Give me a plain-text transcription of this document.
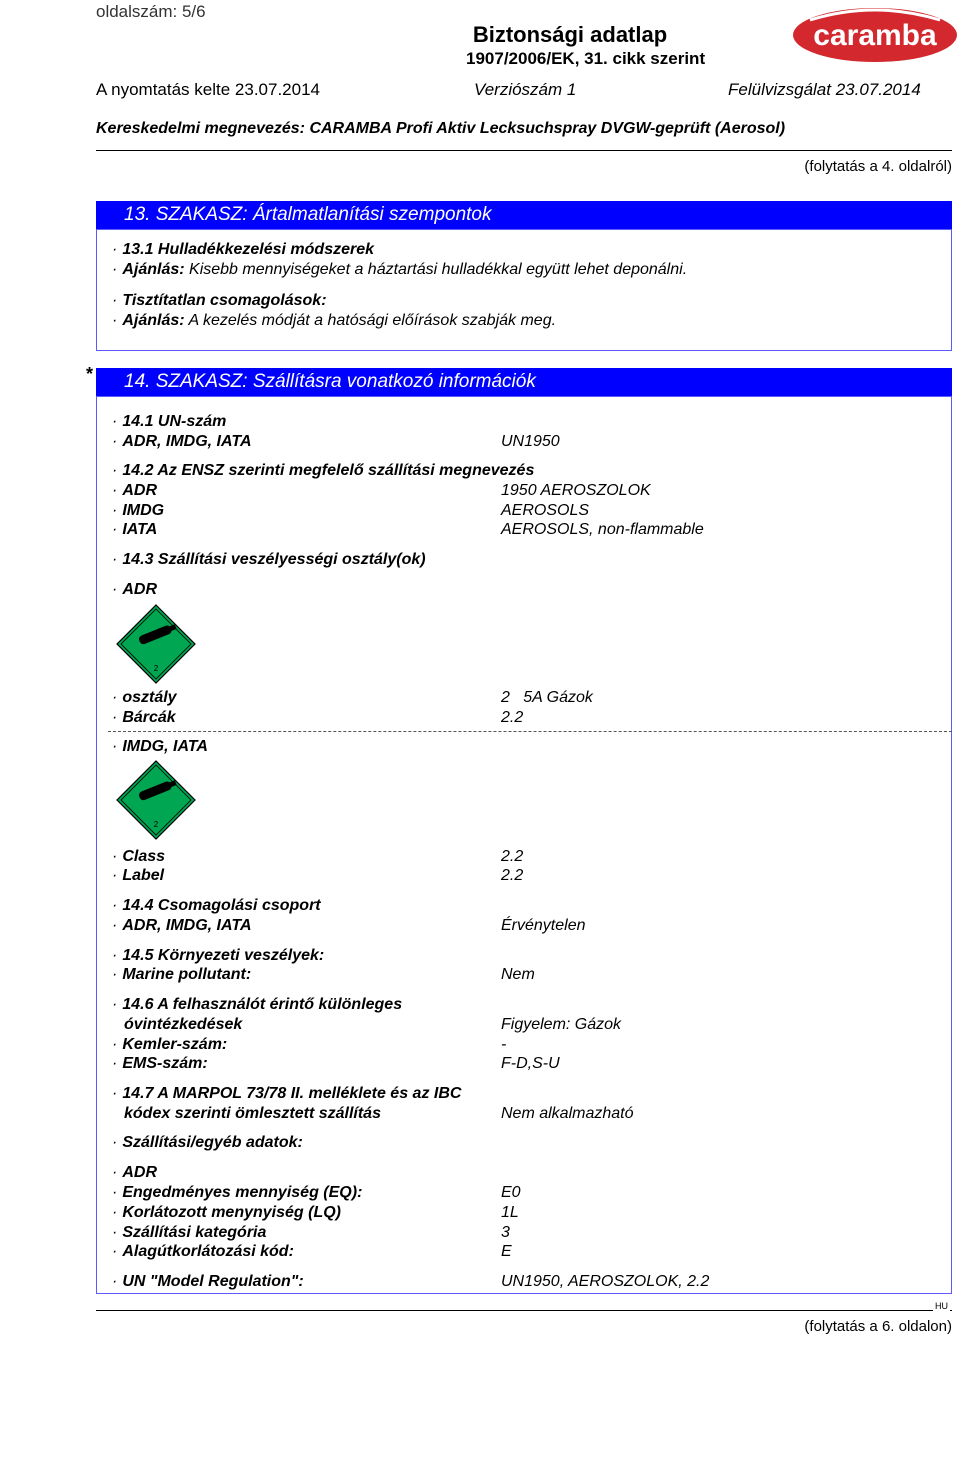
oldalszám: 5/6
Biztonsági adatlap
1907/2006/EK, 31. cikk szerint
caramba
A nyomtatás kelte 23.07.2014	Verziószám 1	Felülvizsgálat 23.07.2014
Kereskedelmi megnevezés: CARAMBA Profi Aktiv Lecksuchspray DVGW-geprüft (Aerosol)
(folytatás a 4. oldalról)
13. SZAKASZ: Ártalmatlanítási szempontok
· 13.1 Hulladékkezelési módszerek
· Ajánlás: Kisebb mennyiségeket a háztartási hulladékkal együtt lehet deponálni.
· Tisztítatlan csomagolások:
· Ajánlás: A kezelés módját a hatósági előírások szabják meg.
*	14. SZAKASZ: Szállításra vonatkozó információk
· 14.1 UN-szám
· ADR, IMDG, IATA	UN1950
· 14.2 Az ENSZ szerinti megfelelő szállítási megnevezés
· ADR	1950 AEROSZOLOK
· IMDG	AEROSOLS
· IATA	AEROSOLS, non-flammable
· 14.3 Szállítási veszélyességi osztály(ok)
· ADR
2
· osztály	2   5A Gázok
· Bárcák	2.2
· IMDG, IATA
2
· Class	2.2
· Label	2.2
· 14.4 Csomagolási csoport
· ADR, IMDG, IATA	Érvénytelen
· 14.5 Környezeti veszélyek:
· Marine pollutant:	Nem
· 14.6 A felhasználót érintő különleges
óvintézkedések	Figyelem: Gázok
· Kemler-szám:	-
· EMS-szám:	F-D,S-U
· 14.7 A MARPOL 73/78 II. melléklete és az IBC
kódex szerinti ömlesztett szállítás	Nem alkalmazható
· Szállítási/egyéb adatok:
· ADR
· Engedményes mennyiség (EQ):	E0
· Korlátozott menynyiség (LQ)	1L
· Szállítási kategória	3
· Alagútkorlátozási kód:	E
· UN "Model Regulation":	UN1950, AEROSZOLOK, 2.2
HU
(folytatás a 6. oldalon)
